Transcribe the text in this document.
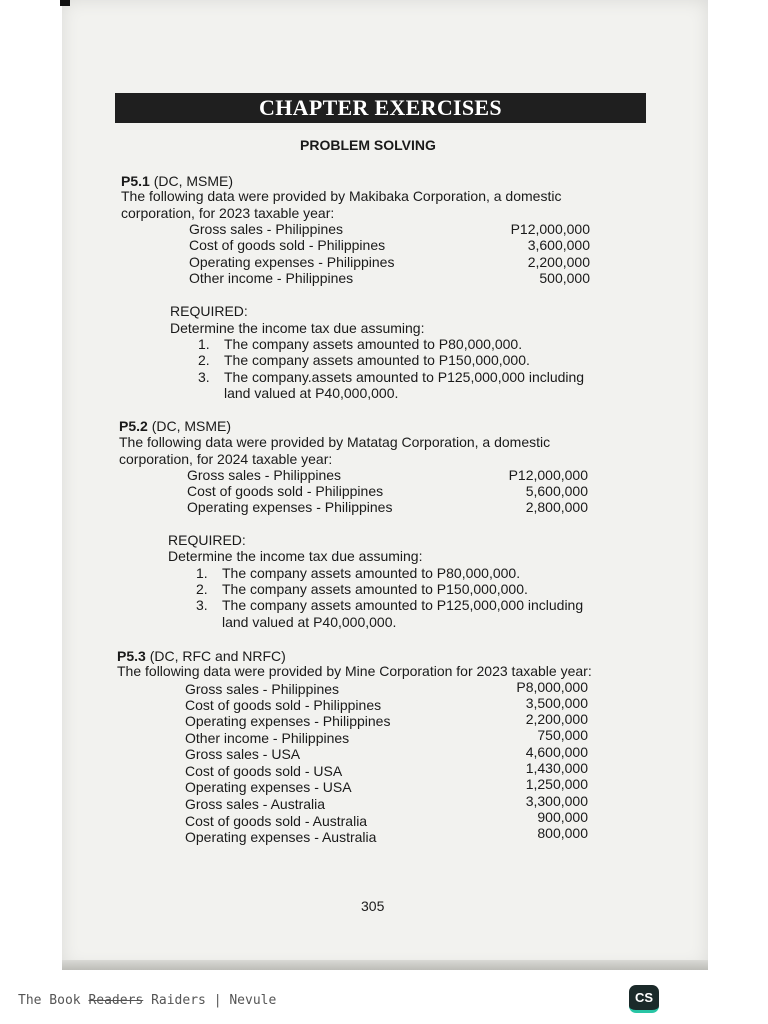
CHAPTER EXERCISES
PROBLEM SOLVING
P5.1 (DC, MSME)
The following data were provided by Makibaka Corporation, a domestic
corporation, for 2023 taxable year:
Gross sales - Philippines	P12,000,000
Cost of goods sold - Philippines	3,600,000
Operating expenses - Philippines	2,200,000
Other income - Philippines	500,000
REQUIRED:
Determine the income tax due assuming:
1. The company assets amounted to P80,000,000.
2. The company assets amounted to P150,000,000.
3. The company.assets amounted to P125,000,000 including
land valued at P40,000,000.
P5.2 (DC, MSME)
The following data were provided by Matatag Corporation, a domestic
corporation, for 2024 taxable year:
Gross sales - Philippines	P12,000,000
Cost of goods sold - Philippines	5,600,000
Operating expenses - Philippines	2,800,000
REQUIRED:
Determine the income tax due assuming:
1. The company assets amounted to P80,000,000.
2. The company assets amounted to P150,000,000.
3. The company assets amounted to P125,000,000 including
land valued at P40,000,000.
P5.3 (DC, RFC and NRFC)
The following data were provided by Mine Corporation for 2023 taxable year:
Gross sales - Philippines	P8,000,000
Cost of goods sold - Philippines	3,500,000
Operating expenses - Philippines	2,200,000
Other income - Philippines	750,000
Gross sales - USA	4,600,000
Cost of goods sold - USA	1,430,000
Operating expenses - USA	1,250,000
Gross sales - Australia	3,300,000
Cost of goods sold - Australia	900,000
Operating expenses - Australia	800,000
305
The Book Readers Raiders | Nevule	CS
